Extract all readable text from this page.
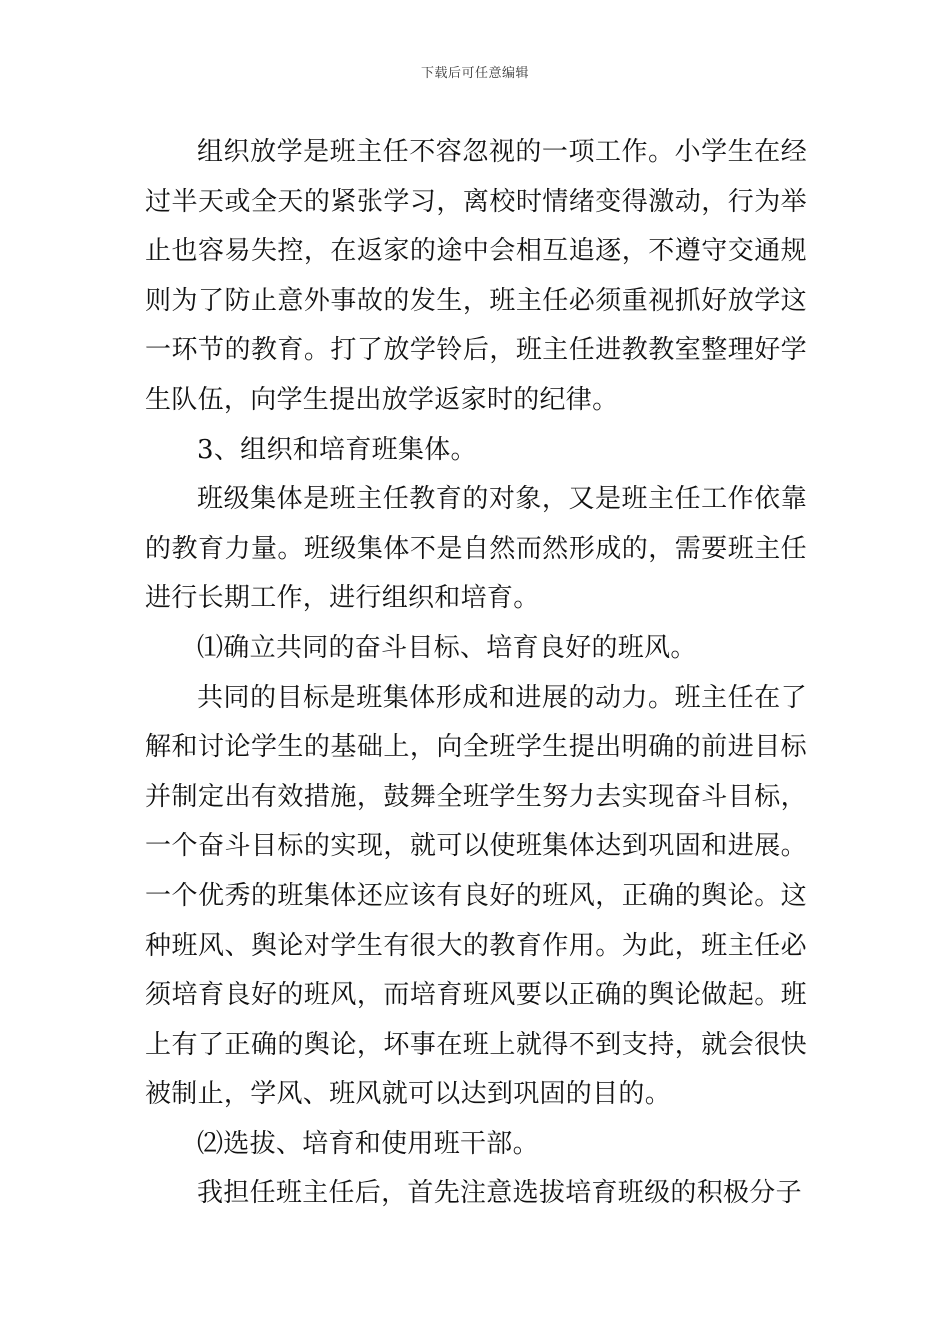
下载后可任意编辑

组织放学是班主任不容忽视的一项工作。小学生在经过半天或全天的紧张学习，离校时情绪变得激动，行为举止也容易失控，在返家的途中会相互追逐，不遵守交通规则为了防止意外事故的发生，班主任必须重视抓好放学这一环节的教育。打了放学铃后，班主任进教教室整理好学生队伍，向学生提出放学返家时的纪律。

3、组织和培育班集体。

班级集体是班主任教育的对象，又是班主任工作依靠的教育力量。班级集体不是自然而然形成的，需要班主任进行长期工作，进行组织和培育。

⑴确立共同的奋斗目标、培育良好的班风。

共同的目标是班集体形成和进展的动力。班主任在了解和讨论学生的基础上，向全班学生提出明确的前进目标并制定出有效措施，鼓舞全班学生努力去实现奋斗目标，一个奋斗目标的实现，就可以使班集体达到巩固和进展。一个优秀的班集体还应该有良好的班风，正确的舆论。这种班风、舆论对学生有很大的教育作用。为此，班主任必须培育良好的班风，而培育班风要以正确的舆论做起。班上有了正确的舆论，坏事在班上就得不到支持，就会很快被制止，学风、班风就可以达到巩固的目的。

⑵选拔、培育和使用班干部。

我担任班主任后，首先注意选拔培育班级的积极分子
